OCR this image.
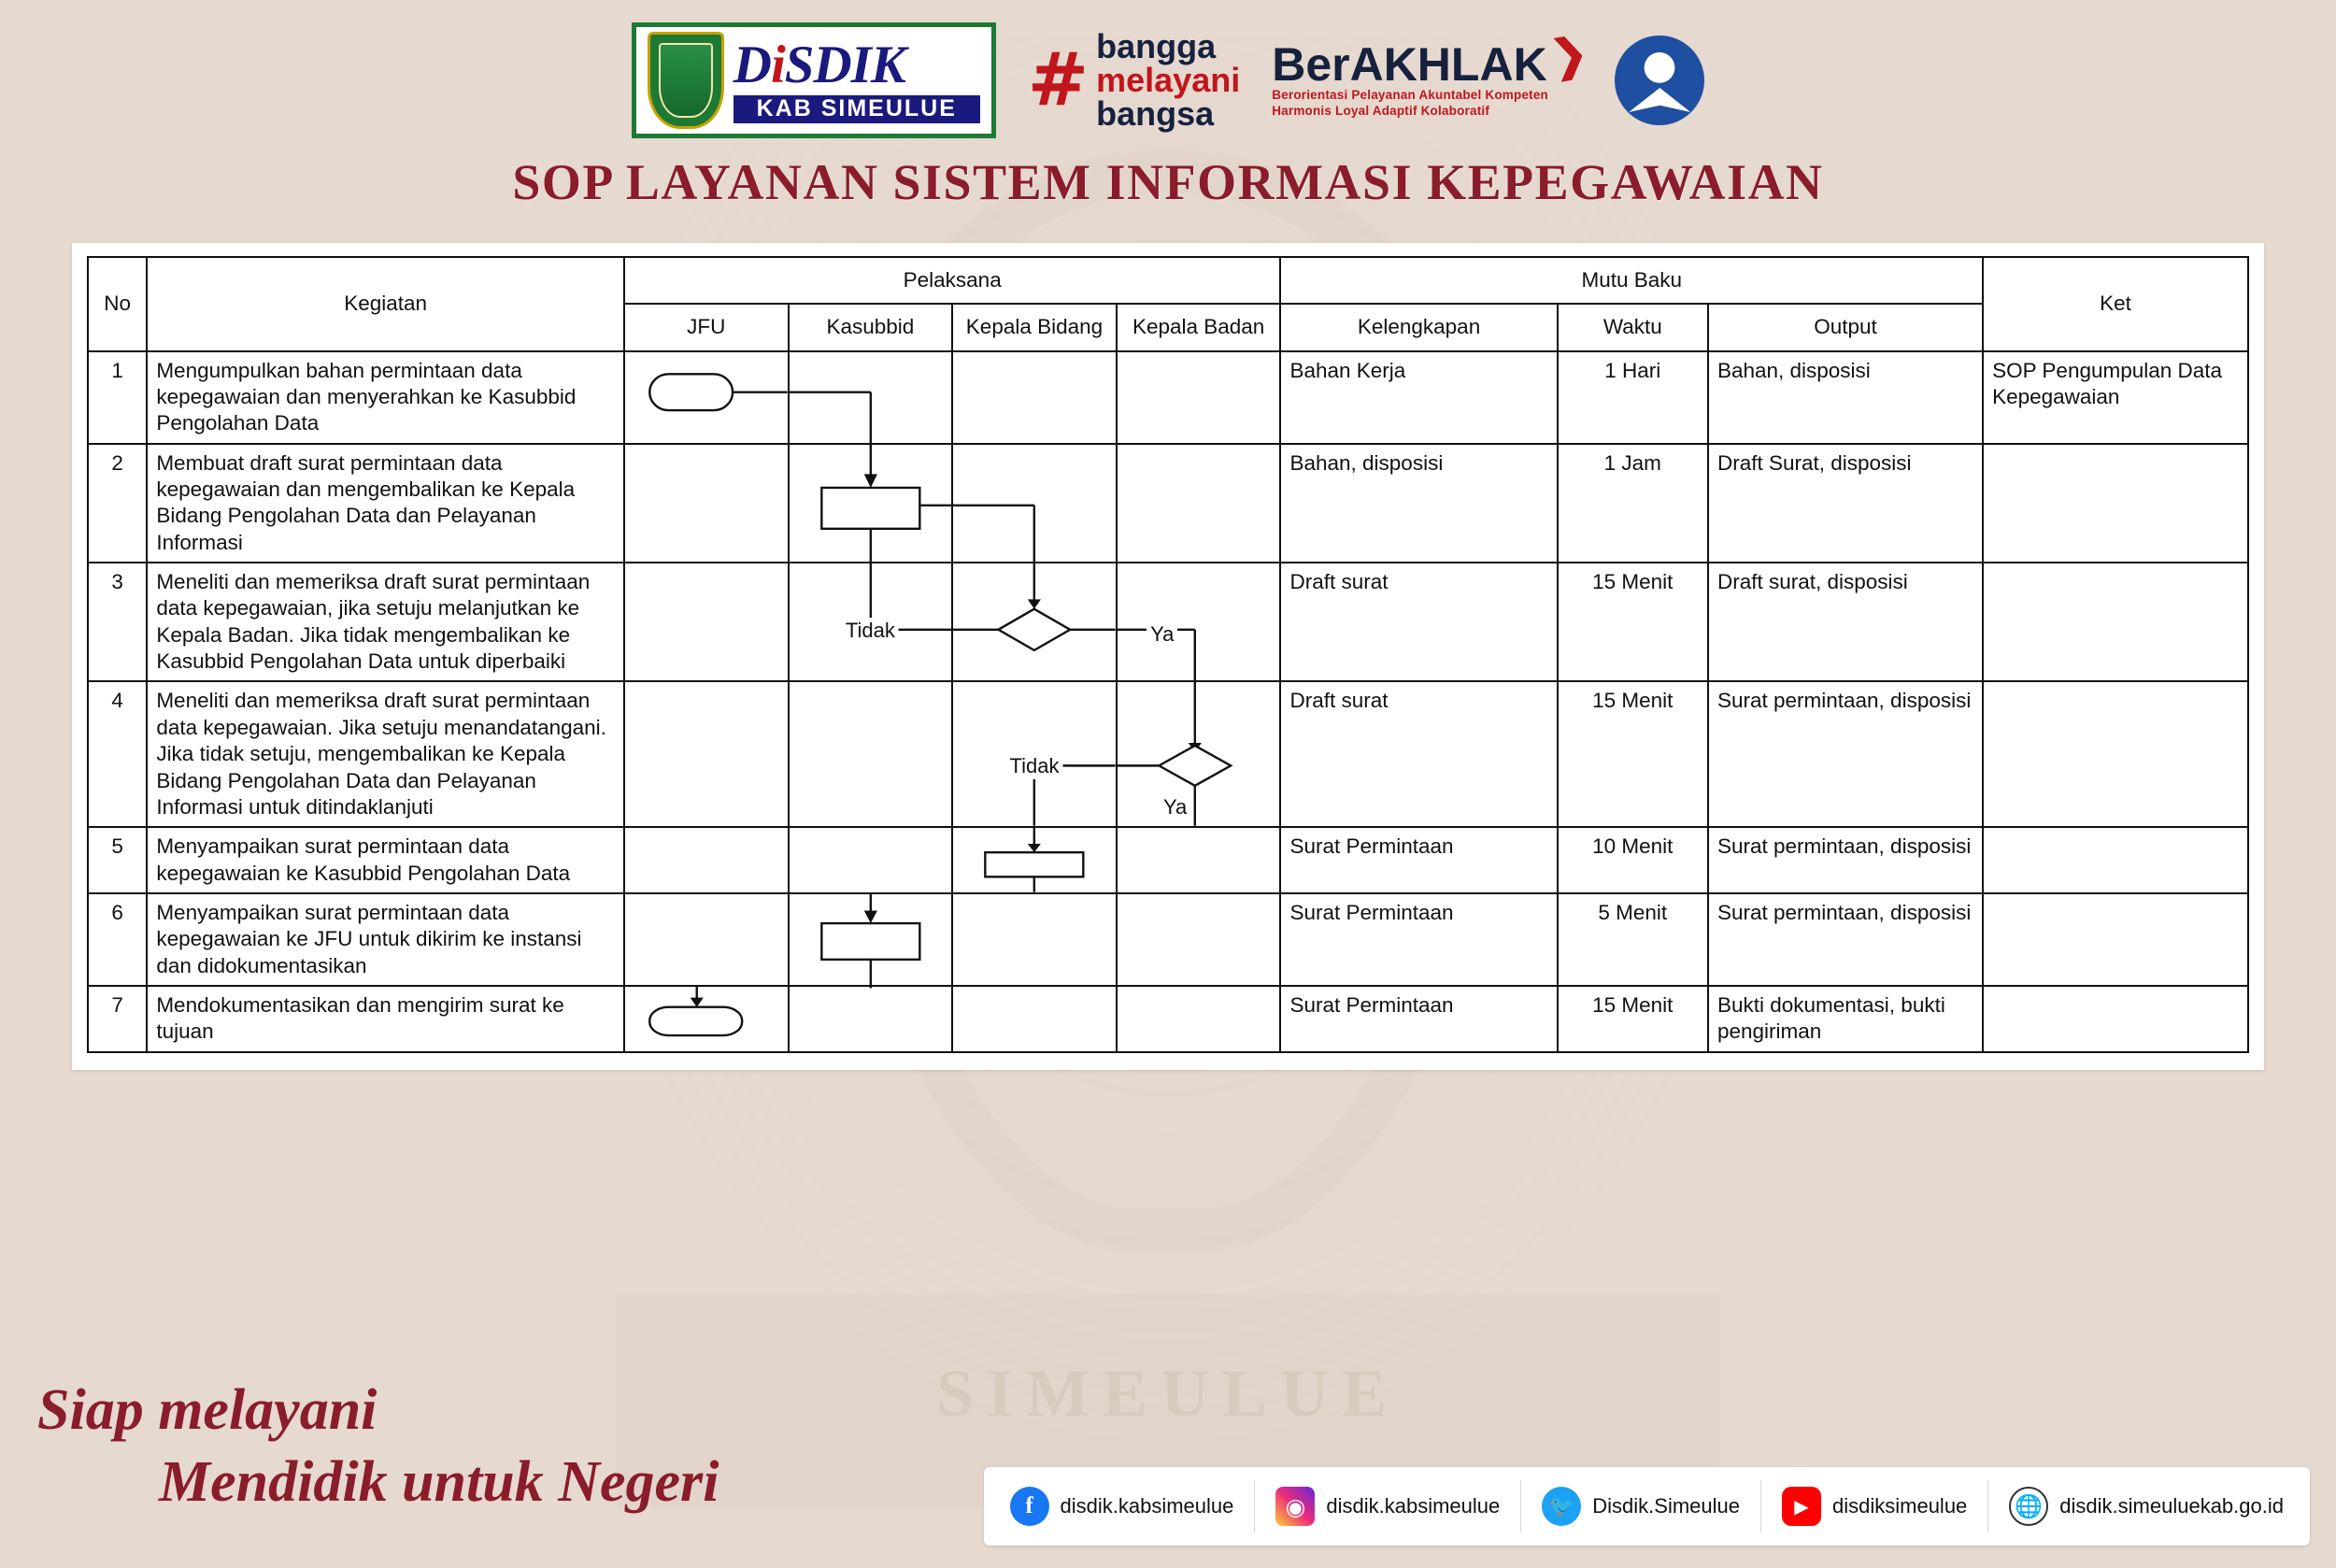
SIMEULUE
DiSDIK
KAB SIMEULUE # bangga
melayani
bangsa
BerAKHLAK❯
Berorientasi Pelayanan Akuntabel Kompeten
Harmonis Loyal Adaptif Kolaboratif
SOP LAYANAN SISTEM INFORMASI KEPEGAWAIAN
No	Kegiatan	Pelaksana				Mutu Baku			Ket
		JFU	Kasubbid	Kepala Bidang	Kepala Badan	Kelengkapan	Waktu	Output	
1	Mengumpulkan bahan permintaan data kepegawaian dan menyerahkan ke Kasubbid Pengolahan Data					Bahan Kerja	1 Hari	Bahan, disposisi	SOP Pengumpulan Data Kepegawaian
2	Membuat draft surat permintaan data kepegawaian dan mengembalikan ke Kepala Bidang Pengolahan Data dan Pelayanan Informasi					Bahan, disposisi	1 Jam	Draft Surat, disposisi	
3	Meneliti dan memeriksa draft surat permintaan data kepegawaian, jika setuju melanjutkan ke Kepala Badan. Jika tidak mengembalikan ke Kasubbid Pengolahan Data untuk diperbaiki		Tidak		Ya	Draft surat	15 Menit	Draft surat, disposisi	
4	Meneliti dan memeriksa draft surat permintaan data kepegawaian. Jika setuju menandatangani. Jika tidak setuju, mengembalikan ke Kepala Bidang Pengolahan Data dan Pelayanan Informasi untuk ditindaklanjuti			Tidak	Ya	Draft surat	15 Menit	Surat permintaan, disposisi	
5	Menyampaikan surat permintaan data kepegawaian ke Kasubbid Pengolahan Data					Surat Permintaan	10 Menit	Surat permintaan, disposisi	
6	Menyampaikan surat permintaan data kepegawaian ke JFU untuk dikirim ke instansi dan didokumentasikan					Surat Permintaan	5 Menit	Surat permintaan, disposisi	
7	Mendokumentasikan dan mengirim surat ke tujuan					Surat Permintaan	15 Menit	Bukti dokumentasi, bukti pengiriman	
Siap melayani
Mendidik untuk Negeri	f	disdik.kabsimeulue	◉	disdik.kabsimeulue	🐦 Disdik.Simeulue	▶	disdiksimeulue 🌐 disdik.simeuluekab.go.id
